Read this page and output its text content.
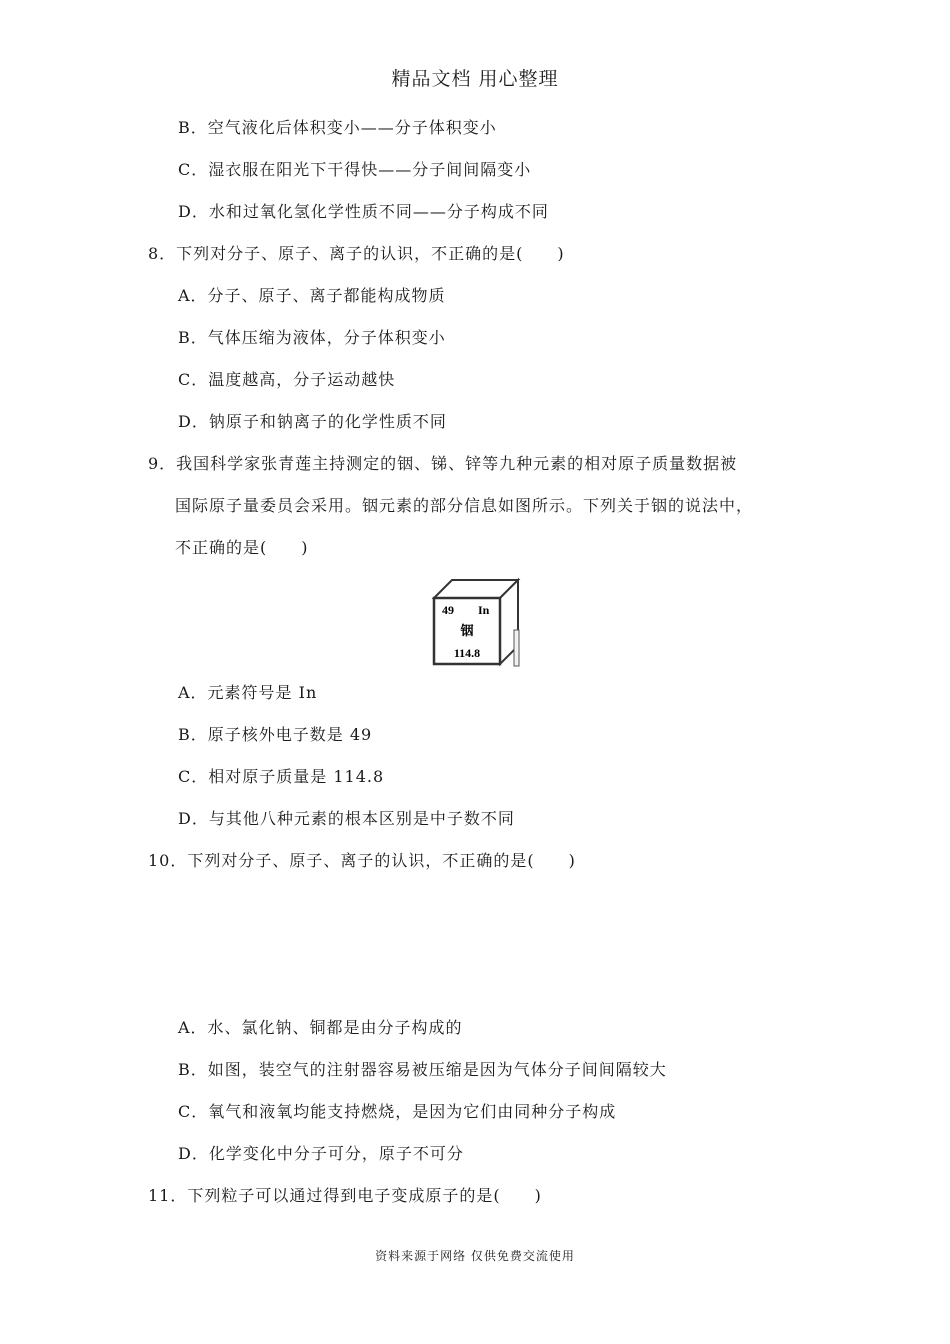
精品文档 用心整理
B．空气液化后体积变小——分子体积变小
C．湿衣服在阳光下干得快——分子间间隔变小
D．水和过氧化氢化学性质不同——分子构成不同
8．下列对分子、原子、离子的认识，不正确的是(　　)
A．分子、原子、离子都能构成物质
B．气体压缩为液体，分子体积变小
C．温度越高，分子运动越快
D．钠原子和钠离子的化学性质不同
9．我国科学家张青莲主持测定的铟、锑、锌等九种元素的相对原子质量数据被
国际原子量委员会采用。铟元素的部分信息如图所示。下列关于铟的说法中，
不正确的是(　　)
49 In
铟
114.8
A．元素符号是 In
B．原子核外电子数是 49
C．相对原子质量是 114.8
D．与其他八种元素的根本区别是中子数不同
10．下列对分子、原子、离子的认识，不正确的是(　　)
A．水、氯化钠、铜都是由分子构成的
B．如图，装空气的注射器容易被压缩是因为气体分子间间隔较大
C．氧气和液氧均能支持燃烧，是因为它们由同种分子构成
D．化学变化中分子可分，原子不可分
11．下列粒子可以通过得到电子变成原子的是(　　)
资料来源于网络 仅供免费交流使用
